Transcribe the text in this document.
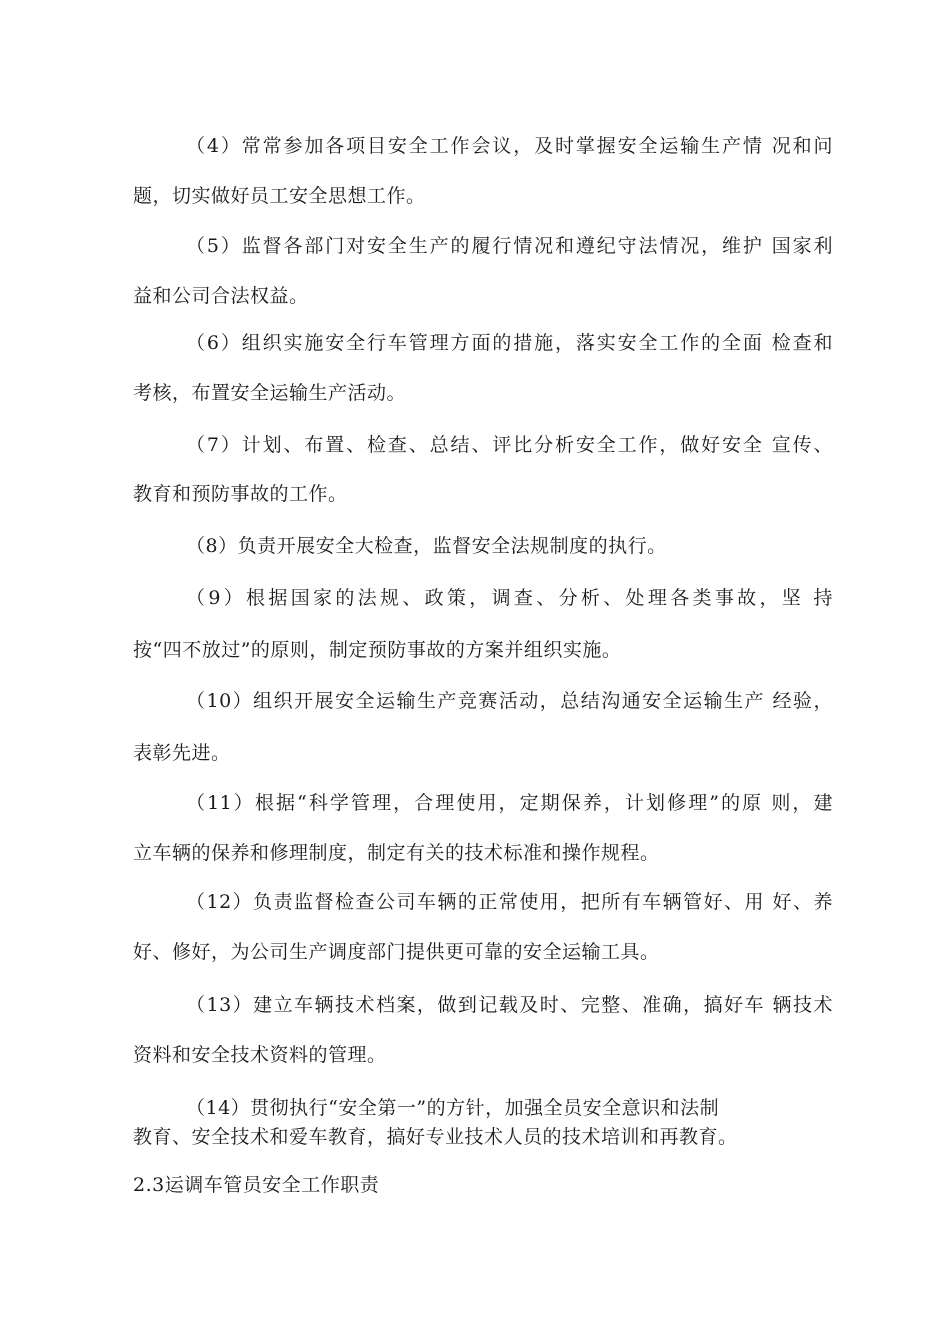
（4）常常参加各项目安全工作会议，及时掌握安全运输生产情 况和问
题，切实做好员工安全思想工作。
（5）监督各部门对安全生产的履行情况和遵纪守法情况，维护 国家利
益和公司合法权益。
（6）组织实施安全行车管理方面的措施，落实安全工作的全面 检查和
考核，布置安全运输生产活动。
（7）计划、布置、检查、总结、评比分析安全工作，做好安全 宣传、
教育和预防事故的工作。
（8）负责开展安全大检查，监督安全法规制度的执行。
（9）根据国家的法规、政策，调查、分析、处理各类事故，坚 持
按“四不放过”的原则，制定预防事故的方案并组织实施。
（10）组织开展安全运输生产竞赛活动，总结沟通安全运输生产 经验，
表彰先进。
（11）根据“科学管理，合理使用，定期保养，计划修理”的原 则，建
立车辆的保养和修理制度，制定有关的技术标准和操作规程。
（12）负责监督检查公司车辆的正常使用，把所有车辆管好、用 好、养
好、修好，为公司生产调度部门提供更可靠的安全运输工具。
（13）建立车辆技术档案，做到记载及时、完整、准确，搞好车 辆技术
资料和安全技术资料的管理。
（14）贯彻执行“安全第一”的方针，加强全员安全意识和法制
教育、安全技术和爱车教育，搞好专业技术人员的技术培训和再教育。
2.3运调车管员安全工作职责
